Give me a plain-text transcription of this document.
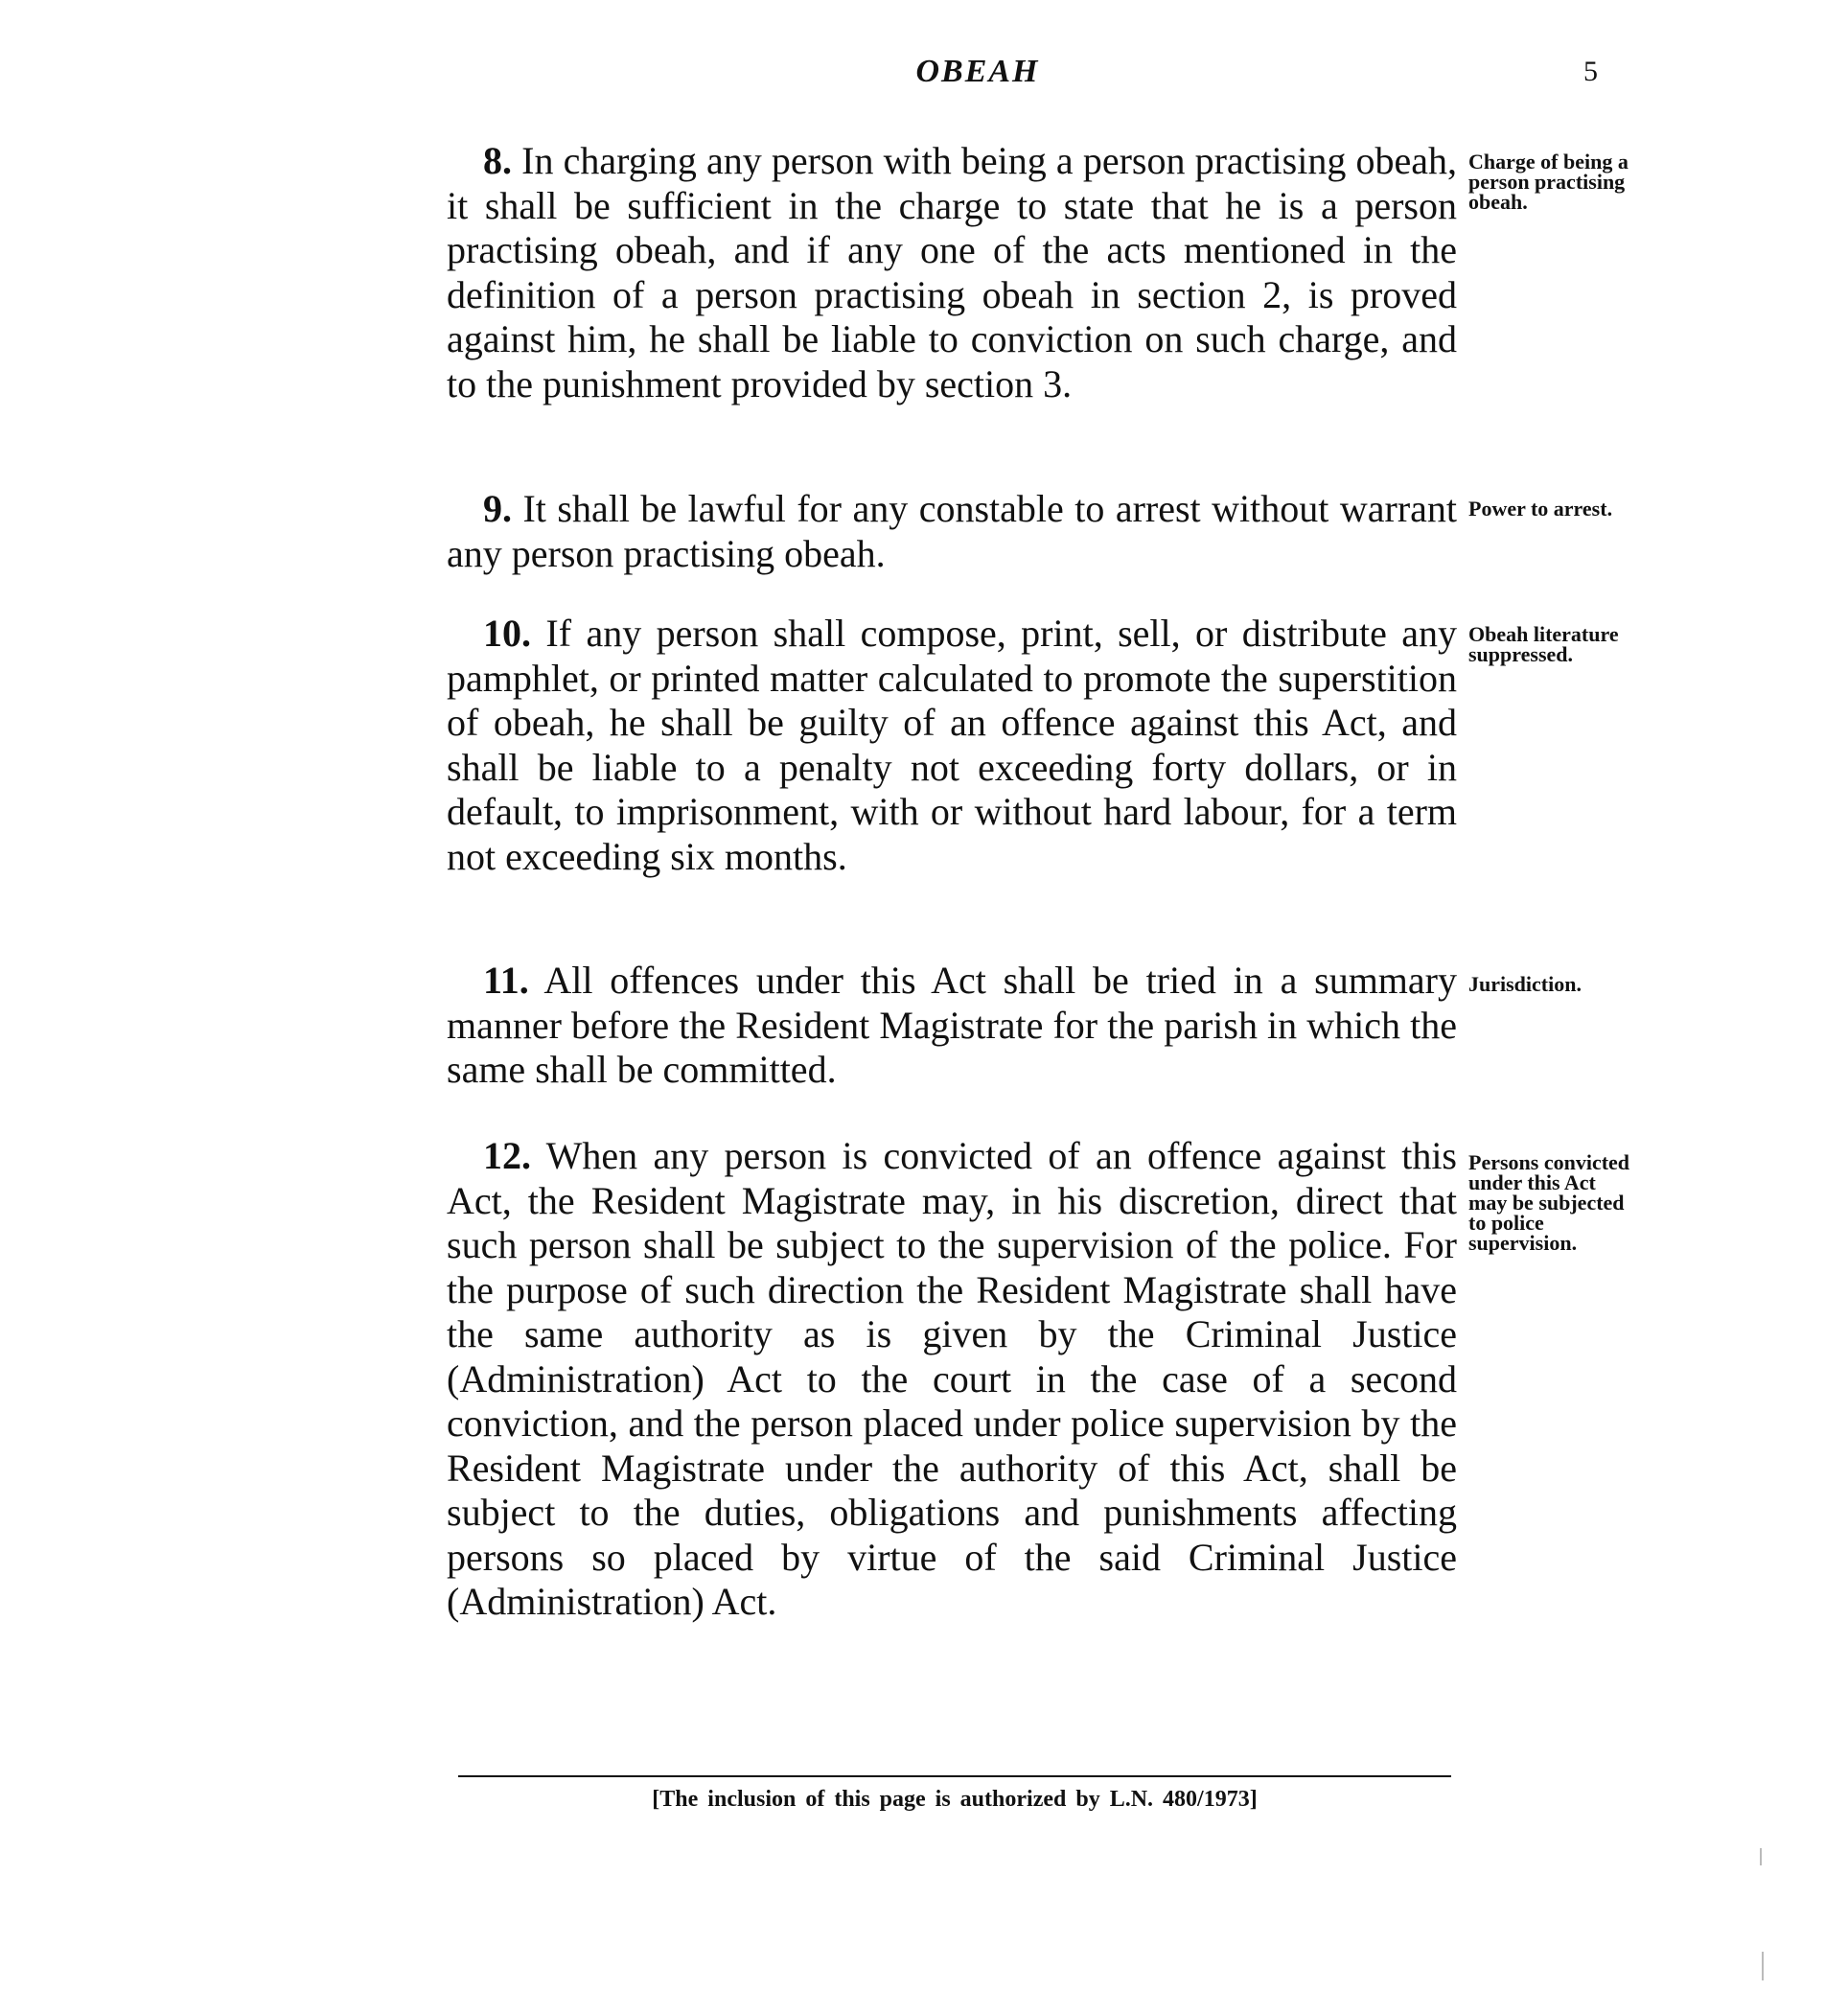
OBEAH	5

8. In charging any person with being a person practising obeah, it shall be sufficient in the charge to state that he is a person practising obeah, and if any one of the acts mentioned in the definition of a person practising obeah in section 2, is proved against him, he shall be liable to conviction on such charge, and to the punishment provided by section 3.

Charge of being a person practising obeah.

9. It shall be lawful for any constable to arrest without warrant any person practising obeah.

Power to arrest.

10. If any person shall compose, print, sell, or distribute any pamphlet, or printed matter calculated to promote the superstition of obeah, he shall be guilty of an offence against this Act, and shall be liable to a penalty not exceeding forty dollars, or in default, to imprisonment, with or without hard labour, for a term not exceeding six months.

Obeah literature suppressed.

11. All offences under this Act shall be tried in a summary manner before the Resident Magistrate for the parish in which the same shall be committed.

Jurisdiction.

12. When any person is convicted of an offence against this Act, the Resident Magistrate may, in his discretion, direct that such person shall be subject to the supervision of the police. For the purpose of such direction the Resident Magistrate shall have the same authority as is given by the Criminal Justice (Administration) Act to the court in the case of a second conviction, and the person placed under police supervision by the Resident Magistrate under the authority of this Act, shall be subject to the duties, obligations and punishments affecting persons so placed by virtue of the said Criminal Justice (Administration) Act.

Persons convicted under this Act may be subjected to police supervision.
[The inclusion of this page is authorized by L.N. 480/1973]
